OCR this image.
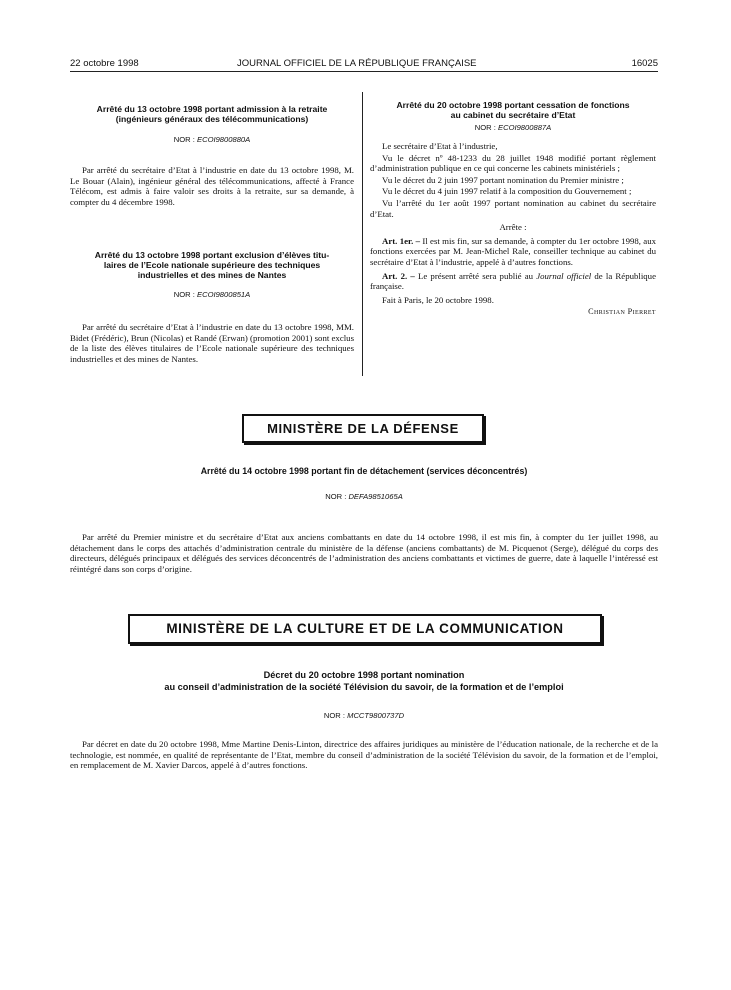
22 octobre 1998	JOURNAL OFFICIEL DE LA RÉPUBLIQUE FRANÇAISE	16025
Arrêté du 13 octobre 1998 portant admission à la retraite
(ingénieurs généraux des télécommunications)
NOR : ECOI9800880A

Par arrêté du secrétaire d’Etat à l’industrie en date du 13 octobre 1998, M. Le Bouar (Alain), ingénieur général des télécommunications, affecté à France Télécom, est admis à faire valoir ses droits à la retraite, sur sa demande, à compter du 4 décembre 1998.

Arrêté du 13 octobre 1998 portant exclusion d’élèves titu-
laires de l’Ecole nationale supérieure des techniques
industrielles et des mines de Nantes
NOR : ECOI9800851A

Par arrêté du secrétaire d’Etat à l’industrie en date du 13 octobre 1998, MM. Bidet (Frédéric), Brun (Nicolas) et Randé (Erwan) (promotion 2001) sont exclus de la liste des élèves titulaires de l’Ecole nationale supérieure des techniques industrielles et des mines de Nantes.

Arrêté du 20 octobre 1998 portant cessation de fonctions
au cabinet du secrétaire d’Etat
NOR : ECOI9800887A

Le secrétaire d’Etat à l’industrie,

Vu le décret nº 48-1233 du 28 juillet 1948 modifié portant règlement d’administration publique en ce qui concerne les cabinets ministériels ;

Vu le décret du 2 juin 1997 portant nomination du Premier ministre ;

Vu le décret du 4 juin 1997 relatif à la composition du Gouvernement ;

Vu l’arrêté du 1er août 1997 portant nomination au cabinet du secrétaire d’Etat.

Arrête :

Art. 1er. – Il est mis fin, sur sa demande, à compter du 1er octobre 1998, aux fonctions exercées par M. Jean-Michel Rale, conseiller technique au cabinet du secrétaire d’Etat à l’industrie, appelé à d’autres fonctions.

Art. 2. – Le présent arrêté sera publié au Journal officiel de la République française.

Fait à Paris, le 20 octobre 1998.

Christian Pierret

MINISTÈRE DE LA DÉFENSE
Arrêté du 14 octobre 1998 portant fin de détachement (services déconcentrés)
NOR : DEFA9851065A

Par arrêté du Premier ministre et du secrétaire d’Etat aux anciens combattants en date du 14 octobre 1998, il est mis fin, à compter du 1er juillet 1998, au détachement dans le corps des attachés d’administration centrale du ministère de la défense (anciens combattants) de M. Picquenot (Serge), délégué du corps des directeurs, délégués principaux et délégués des services déconcentrés de l’administration des anciens combattants et victimes de guerre, date à laquelle l’intéressé est réintégré dans son corps d’origine.

MINISTÈRE DE LA CULTURE ET DE LA COMMUNICATION
Décret du 20 octobre 1998 portant nomination
au conseil d’administration de la société Télévision du savoir, de la formation et de l’emploi
NOR : MCCT9800737D

Par décret en date du 20 octobre 1998, Mme Martine Denis-Linton, directrice des affaires juridiques au ministère de l’éducation nationale, de la recherche et de la technologie, est nommée, en qualité de représentante de l’Etat, membre du conseil d’administration de la société Télévision du savoir, de la formation et de l’emploi, en remplacement de M. Xavier Darcos, appelé à d’autres fonctions.
